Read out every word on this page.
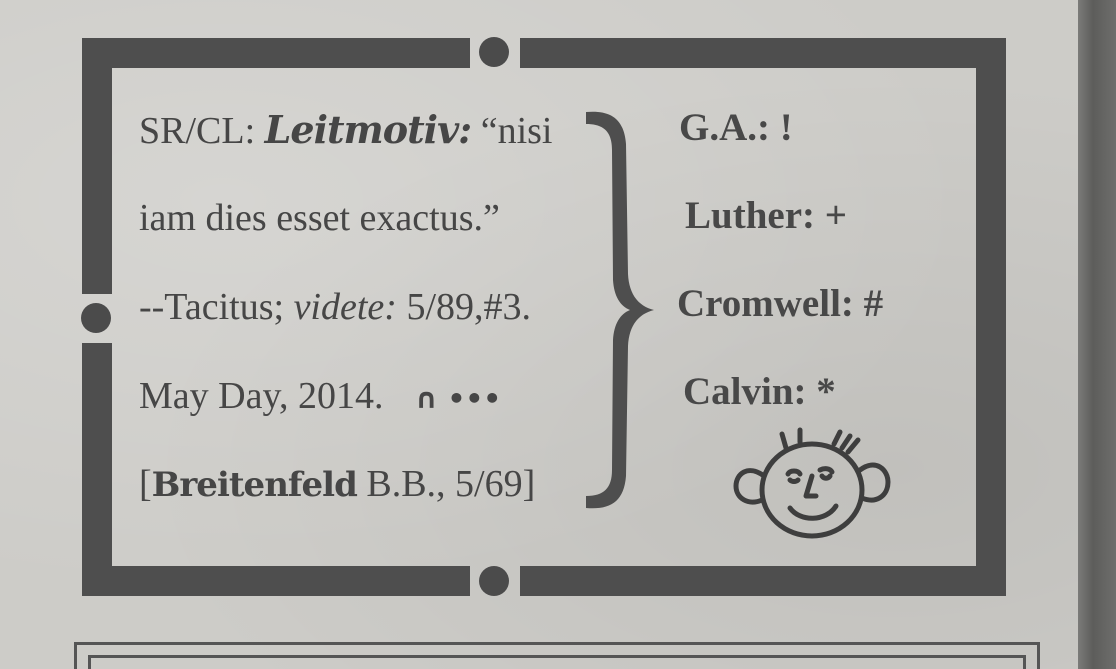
SR/CL: Leitmotiv: “nisi
iam dies esset exactus.”
--Tacitus; videte: 5/89,#3.
May Day, 2014. ∩ •••
[Breitenfeld B.B., 5/69]
G.A.: !
Luther: +
Cromwell: #
Calvin: *
